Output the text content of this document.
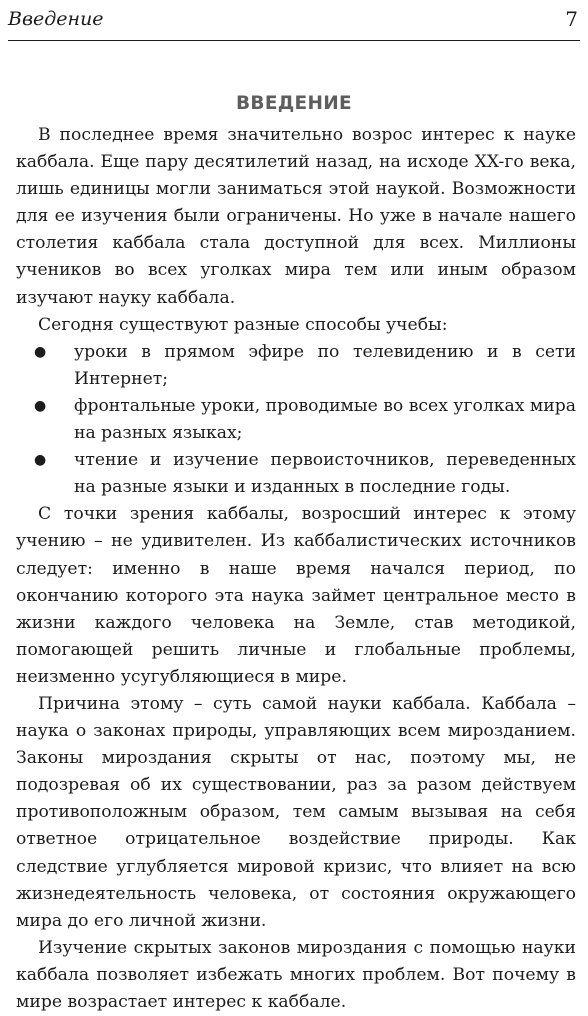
Введение	7
ВВЕДЕНИЕ

В последнее время значительно возрос интерес к науке каббала. Еще пару десятилетий назад, на исходе XX-го века, лишь единицы могли заниматься этой наукой. Возможности для ее изучения были ограничены. Но уже в начале нашего столетия каббала стала доступной для всех. Миллионы учеников во всех уголках мира тем или иным образом изучают науку каббала.

Сегодня существуют разные способы учебы:

● уроки в прямом эфире по телевидению и в сети Интернет;
● фронтальные уроки, проводимые во всех уголках мира на разных языках;
● чтение и изучение первоисточников, переведенных на разные языки и изданных в последние годы.

С точки зрения каббалы, возросший интерес к этому учению – не удивителен. Из каббалистических источников следует: именно в наше время начался период, по окончанию которого эта наука займет центральное место в жизни каждого человека на Земле, став методикой, помогающей решить личные и глобальные проблемы, неизменно усугубляющиеся в мире.

Причина этому – суть самой науки каббала. Каббала – наука о законах природы, управляющих всем мирозданием. Законы мироздания скрыты от нас, поэтому мы, не подозревая об их существовании, раз за разом действуем противоположным образом, тем самым вызывая на себя ответное отрицательное воздействие природы. Как следствие углубляется мировой кризис, что влияет на всю жизнедеятельность человека, от состояния окружающего мира до его личной жизни.

Изучение скрытых законов мироздания с помощью науки каббала позволяет избежать многих проблем. Вот почему в мире возрастает интерес к каббале.
